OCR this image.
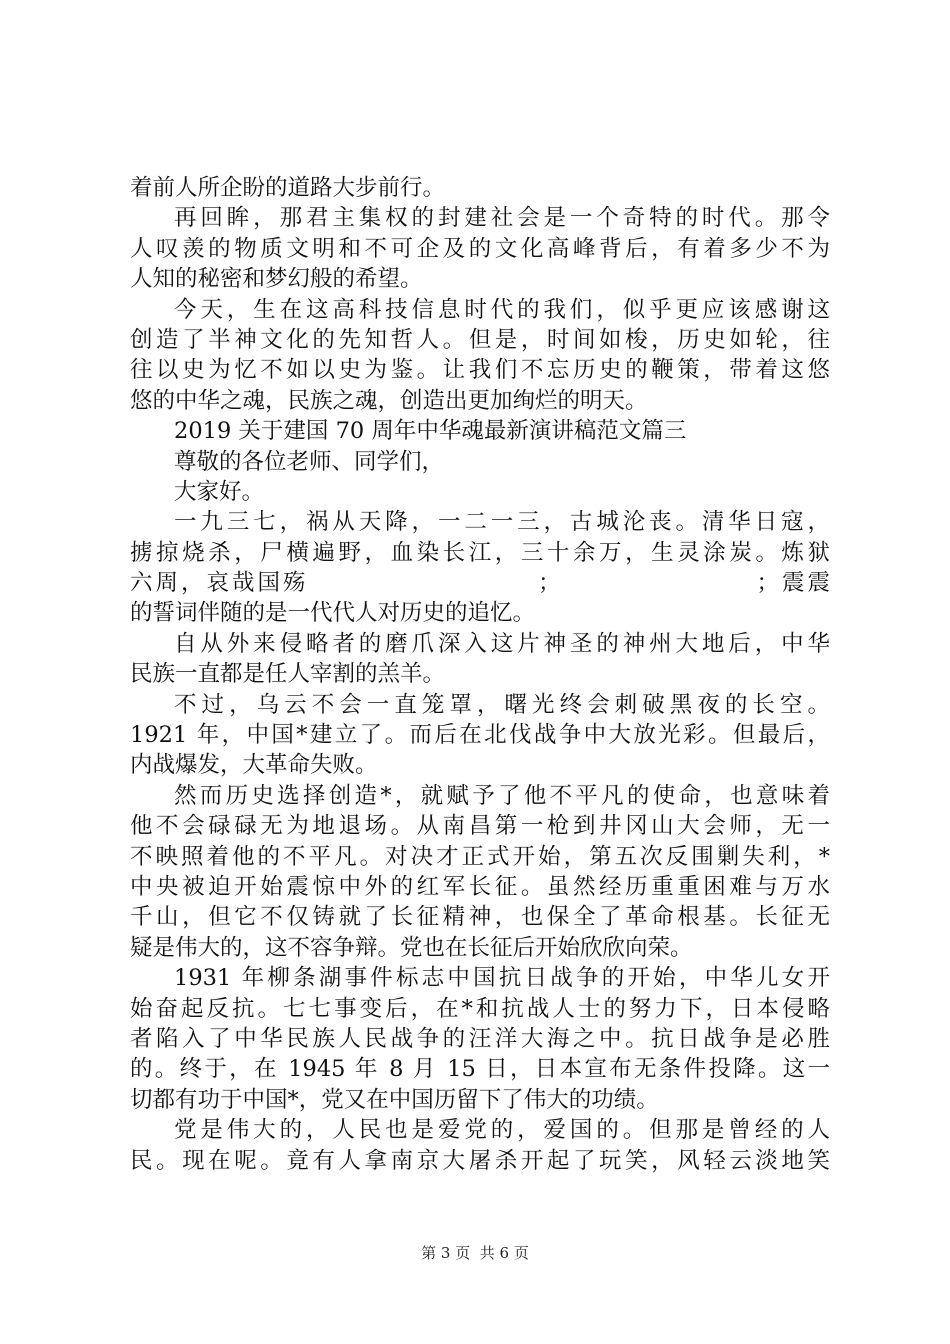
着前人所企盼的道路大步前行。
再回眸，那君主集权的封建社会是一个奇特的时代。那令
人叹羡的物质文明和不可企及的文化高峰背后，有着多少不为
人知的秘密和梦幻般的希望。
今天，生在这高科技信息时代的我们，似乎更应该感谢这
创造了半神文化的先知哲人。但是，时间如梭，历史如轮，往
往以史为忆不如以史为鉴。让我们不忘历史的鞭策，带着这悠
悠的中华之魂，民族之魂，创造出更加绚烂的明天。
2019 关于建国 70 周年中华魂最新演讲稿范文篇三
尊敬的各位老师、同学们，
大家好。
一九三七，祸从天降，一二一三，古城沦丧。清华日寇，
掳掠烧杀，尸横遍野，血染长江，三十余万，生灵涂炭。炼狱
六周，哀哉国殇　　　　　　　　　；　　　　　　　　；震震
的誓词伴随的是一代代人对历史的追忆。
自从外来侵略者的磨爪深入这片神圣的神州大地后，中华
民族一直都是任人宰割的羔羊。
不过，乌云不会一直笼罩，曙光终会刺破黑夜的长空。
1921 年，中国*建立了。而后在北伐战争中大放光彩。但最后，
内战爆发，大革命失败。
然而历史选择创造*，就赋予了他不平凡的使命，也意味着
他不会碌碌无为地退场。从南昌第一枪到井冈山大会师，无一
不映照着他的不平凡。对决才正式开始，第五次反围剿失利，*
中央被迫开始震惊中外的红军长征。虽然经历重重困难与万水
千山，但它不仅铸就了长征精神，也保全了革命根基。长征无
疑是伟大的，这不容争辩。党也在长征后开始欣欣向荣。
1931 年柳条湖事件标志中国抗日战争的开始，中华儿女开
始奋起反抗。七七事变后，在*和抗战人士的努力下，日本侵略
者陷入了中华民族人民战争的汪洋大海之中。抗日战争是必胜
的。终于，在 1945 年 8 月 15 日，日本宣布无条件投降。这一
切都有功于中国*，党又在中国历留下了伟大的功绩。
党是伟大的，人民也是爱党的，爱国的。但那是曾经的人
民。现在呢。竟有人拿南京大屠杀开起了玩笑，风轻云淡地笑
第 3 页  共 6 页
